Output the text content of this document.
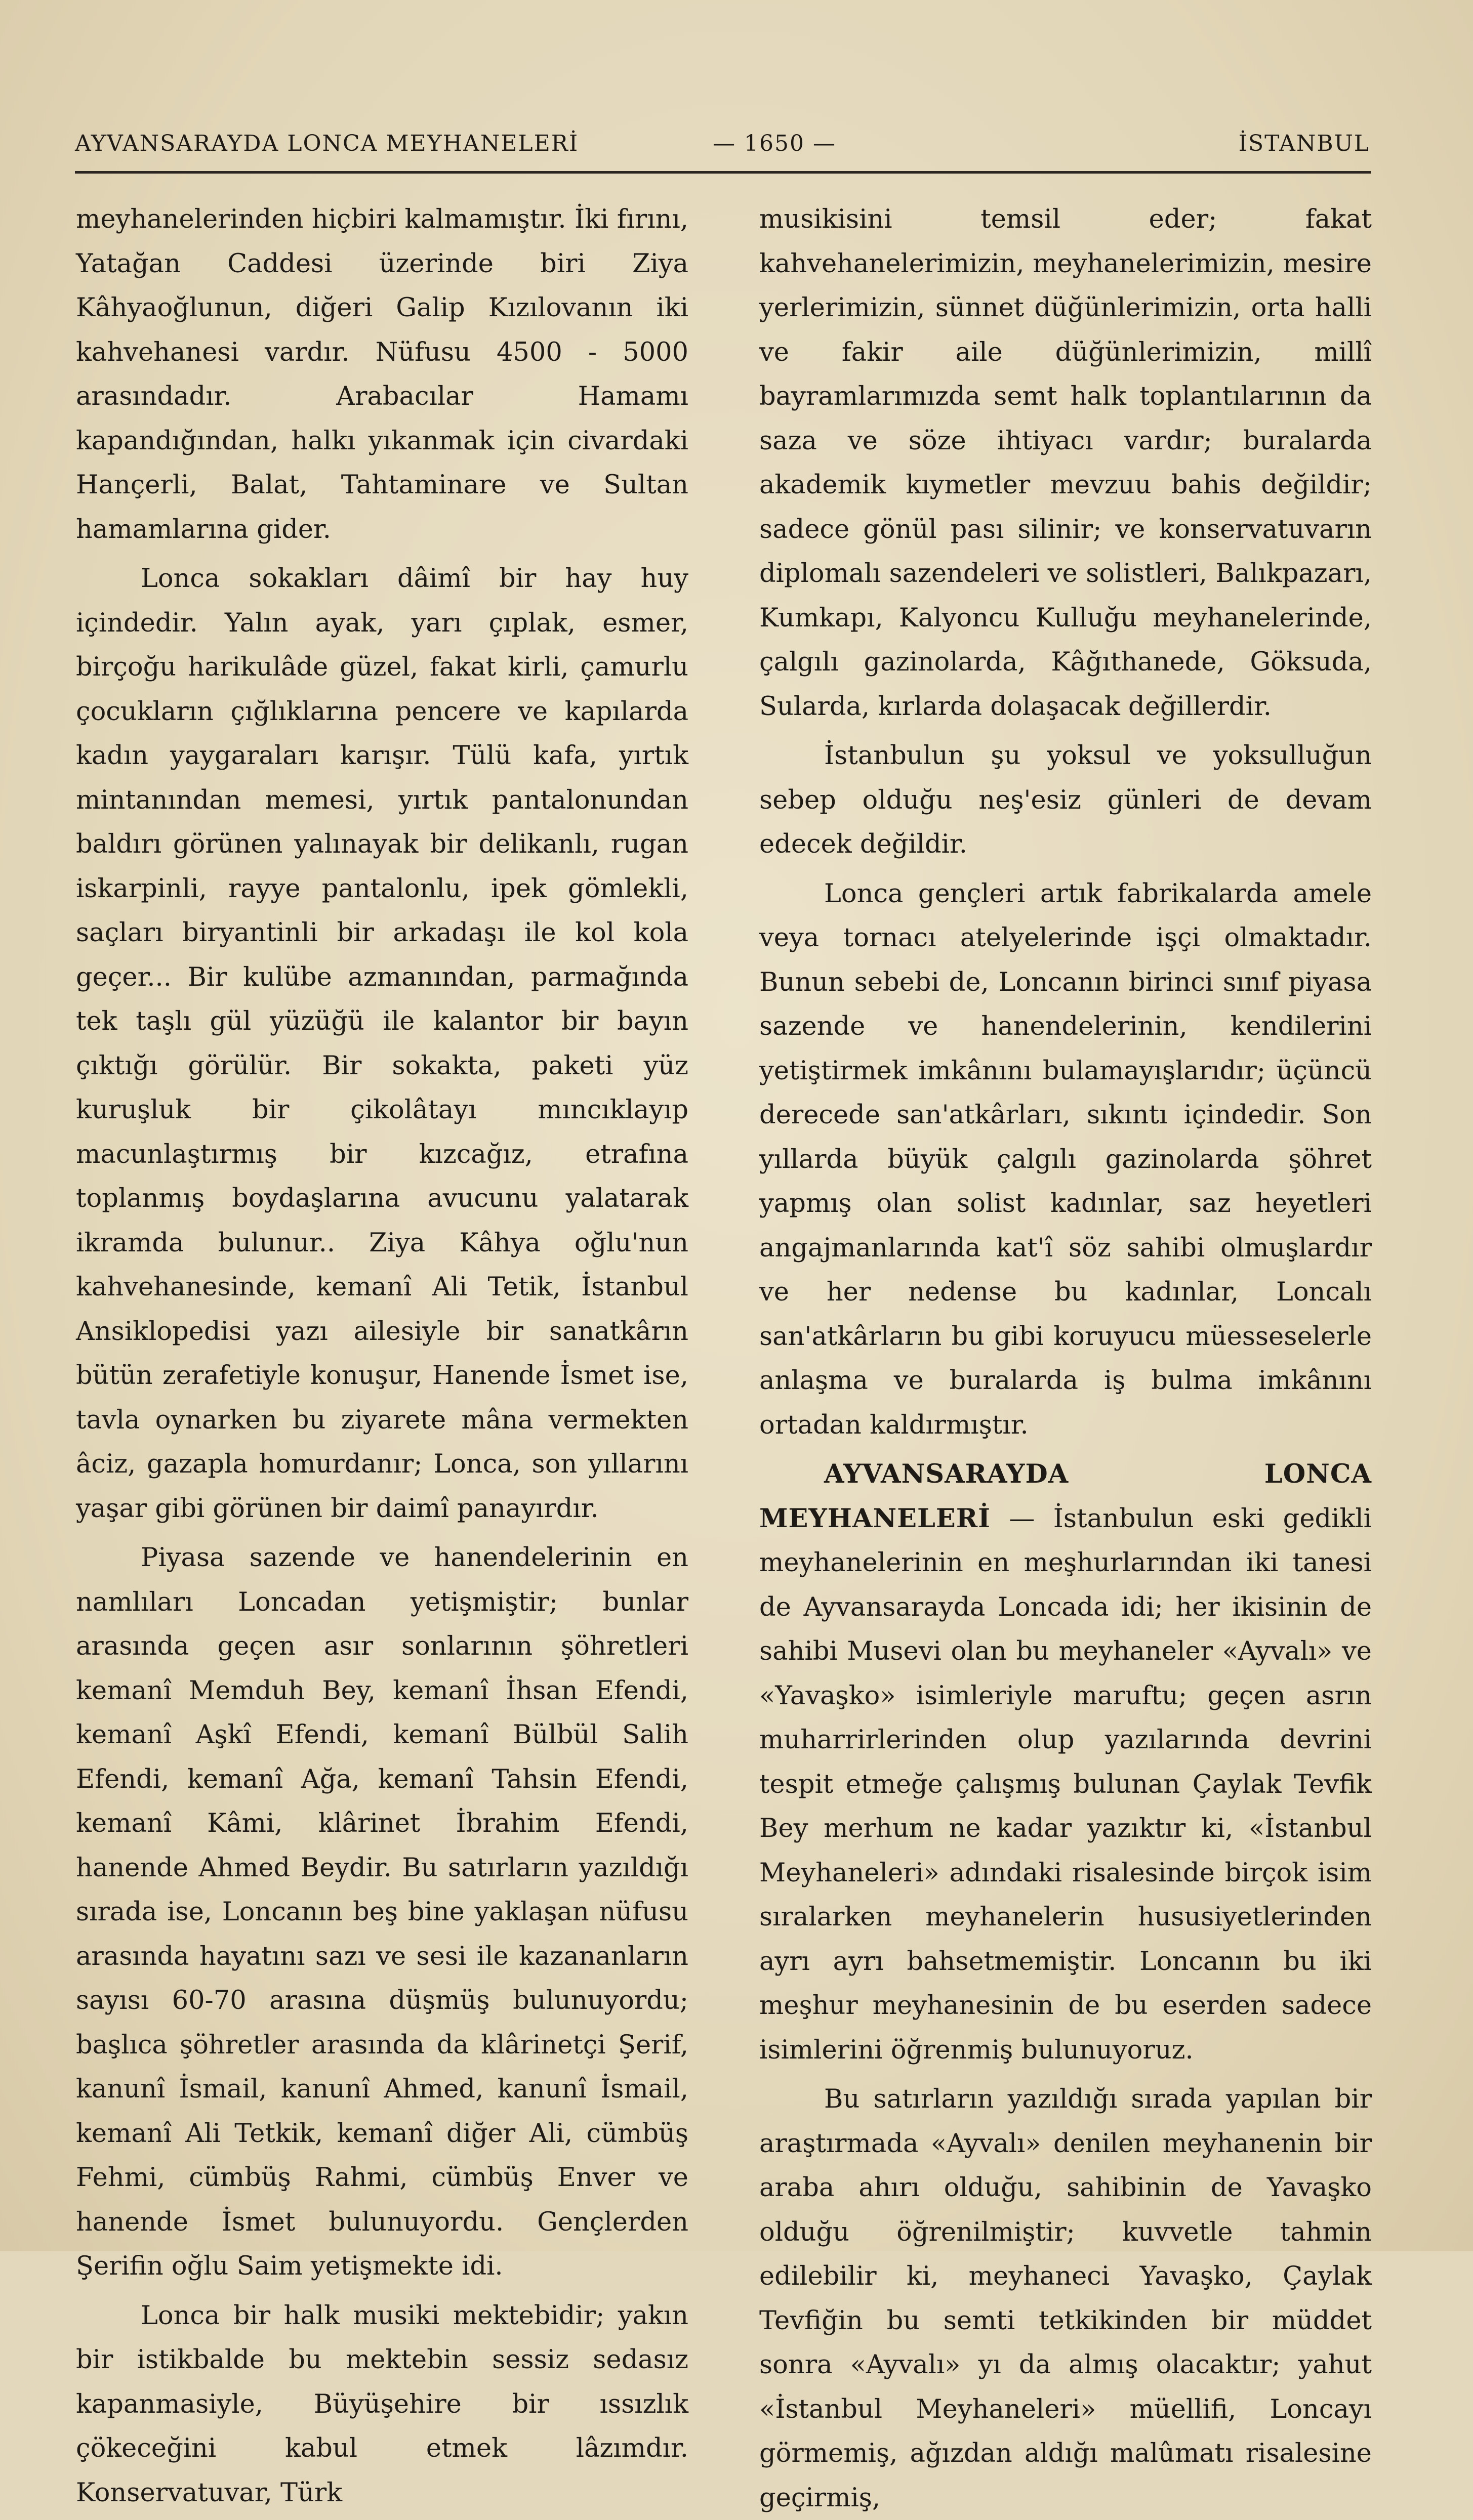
AYVANSARAYDA LONCA MEYHANELERİ	— 1650 —	İSTANBUL

meyhanelerinden hiçbiri kalmamıştır. İki fırını, Yatağan Caddesi üzerinde biri Ziya Kâhyaoğlunun, diğeri Galip Kızılovanın iki kahvehanesi vardır. Nüfusu 4500 - 5000 arasındadır. Arabacılar Hamamı kapandığından, halkı yıkanmak için civardaki Hançerli, Balat, Tahtaminare ve Sultan hamamlarına gider.

Lonca sokakları dâimî bir hay huy içindedir. Yalın ayak, yarı çıplak, esmer, birçoğu harikulâde güzel, fakat kirli, çamurlu çocukların çığlıklarına pencere ve kapılarda kadın yaygaraları karışır. Tülü kafa, yırtık mintanından memesi, yırtık pantalonundan baldırı görünen yalınayak bir delikanlı, rugan iskarpinli, rayye pantalonlu, ipek gömlekli, saçları biryantinli bir arkadaşı ile kol kola geçer... Bir kulübe azmanından, parmağında tek taşlı gül yüzüğü ile kalantor bir bayın çıktığı görülür. Bir sokakta, paketi yüz kuruşluk bir çikolâtayı mıncıklayıp macunlaştırmış bir kızcağız, etrafına toplanmış boydaşlarına avucunu yalatarak ikramda bulunur.. Ziya Kâhya oğlu'nun kahvehanesinde, kemanî Ali Tetik, İstanbul Ansiklopedisi yazı ailesiyle bir sanatkârın bütün zerafetiyle konuşur, Hanende İsmet ise, tavla oynarken bu ziyarete mâna vermekten âciz, gazapla homurdanır; Lonca, son yıllarını yaşar gibi görünen bir daimî panayırdır.

Piyasa sazende ve hanendelerinin en namlıları Loncadan yetişmiştir; bunlar arasında geçen asır sonlarının şöhretleri kemanî Memduh Bey, kemanî İhsan Efendi, kemanî Aşkî Efendi, kemanî Bülbül Salih Efendi, kemanî Ağa, kemanî Tahsin Efendi, kemanî Kâmi, klârinet İbrahim Efendi, hanende Ahmed Beydir. Bu satırların yazıldığı sırada ise, Loncanın beş bine yaklaşan nüfusu arasında hayatını sazı ve sesi ile kazananların sayısı 60-70 arasına düşmüş bulunuyordu; başlıca şöhretler arasında da klârinetçi Şerif, kanunî İsmail, kanunî Ahmed, kanunî İsmail, kemanî Ali Tetkik, kemanî diğer Ali, cümbüş Fehmi, cümbüş Rahmi, cümbüş Enver ve hanende İsmet bulunuyordu. Gençlerden Şerifin oğlu Saim yetişmekte idi.

Lonca bir halk musiki mektebidir; yakın bir istikbalde bu mektebin sessiz sedasız kapanmasiyle, Büyüşehire bir ıssızlık çökeceğini kabul etmek lâzımdır. Konservatuvar, Türk

musikisini temsil eder; fakat kahvehanelerimizin, meyhanelerimizin, mesire yerlerimizin, sünnet düğünlerimizin, orta halli ve fakir aile düğünlerimizin, millî bayramlarımızda semt halk toplantılarının da saza ve söze ihtiyacı vardır; buralarda akademik kıymetler mevzuu bahis değildir; sadece gönül pası silinir; ve konservatuvarın diplomalı sazendeleri ve solistleri, Balıkpazarı, Kumkapı, Kalyoncu Kulluğu meyhanelerinde, çalgılı gazinolarda, Kâğıthanede, Göksuda, Sularda, kırlarda dolaşacak değillerdir.

İstanbulun şu yoksul ve yoksulluğun sebep olduğu neş'esiz günleri de devam edecek değildir.

Lonca gençleri artık fabrikalarda amele veya tornacı atelyelerinde işçi olmaktadır. Bunun sebebi de, Loncanın birinci sınıf piyasa sazende ve hanendelerinin, kendilerini yetiştirmek imkânını bulamayışlarıdır; üçüncü derecede san'atkârları, sıkıntı içindedir. Son yıllarda büyük çalgılı gazinolarda şöhret yapmış olan solist kadınlar, saz heyetleri angajmanlarında kat'î söz sahibi olmuşlardır ve her nedense bu kadınlar, Loncalı san'atkârların bu gibi koruyucu müesseselerle anlaşma ve buralarda iş bulma imkânını ortadan kaldırmıştır.

AYVANSARAYDA LONCA MEYHANELERİ — İstanbulun eski gedikli meyhanelerinin en meşhurlarından iki tanesi de Ayvansarayda Loncada idi; her ikisinin de sahibi Musevi olan bu meyhaneler «Ayvalı» ve «Yavaşko» isimleriyle maruftu; geçen asrın muharrirlerinden olup yazılarında devrini tespit etmeğe çalışmış bulunan Çaylak Tevfik Bey merhum ne kadar yazıktır ki, «İstanbul Meyhaneleri» adındaki risalesinde birçok isim sıralarken meyhanelerin hususiyetlerinden ayrı ayrı bahsetmemiştir. Loncanın bu iki meşhur meyhanesinin de bu eserden sadece isimlerini öğrenmiş bulunuyoruz.

Bu satırların yazıldığı sırada yapılan bir araştırmada «Ayvalı» denilen meyhanenin bir araba ahırı olduğu, sahibinin de Yavaşko olduğu öğrenilmiştir; kuvvetle tahmin edilebilir ki, meyhaneci Yavaşko, Çaylak Tevfiğin bu semti tetkikinden bir müddet sonra «Ayvalı» yı da almış olacaktır; yahut «İstanbul Meyhaneleri» müellifi, Loncayı görmemiş, ağızdan aldığı malûmatı risalesine geçirmiş,
